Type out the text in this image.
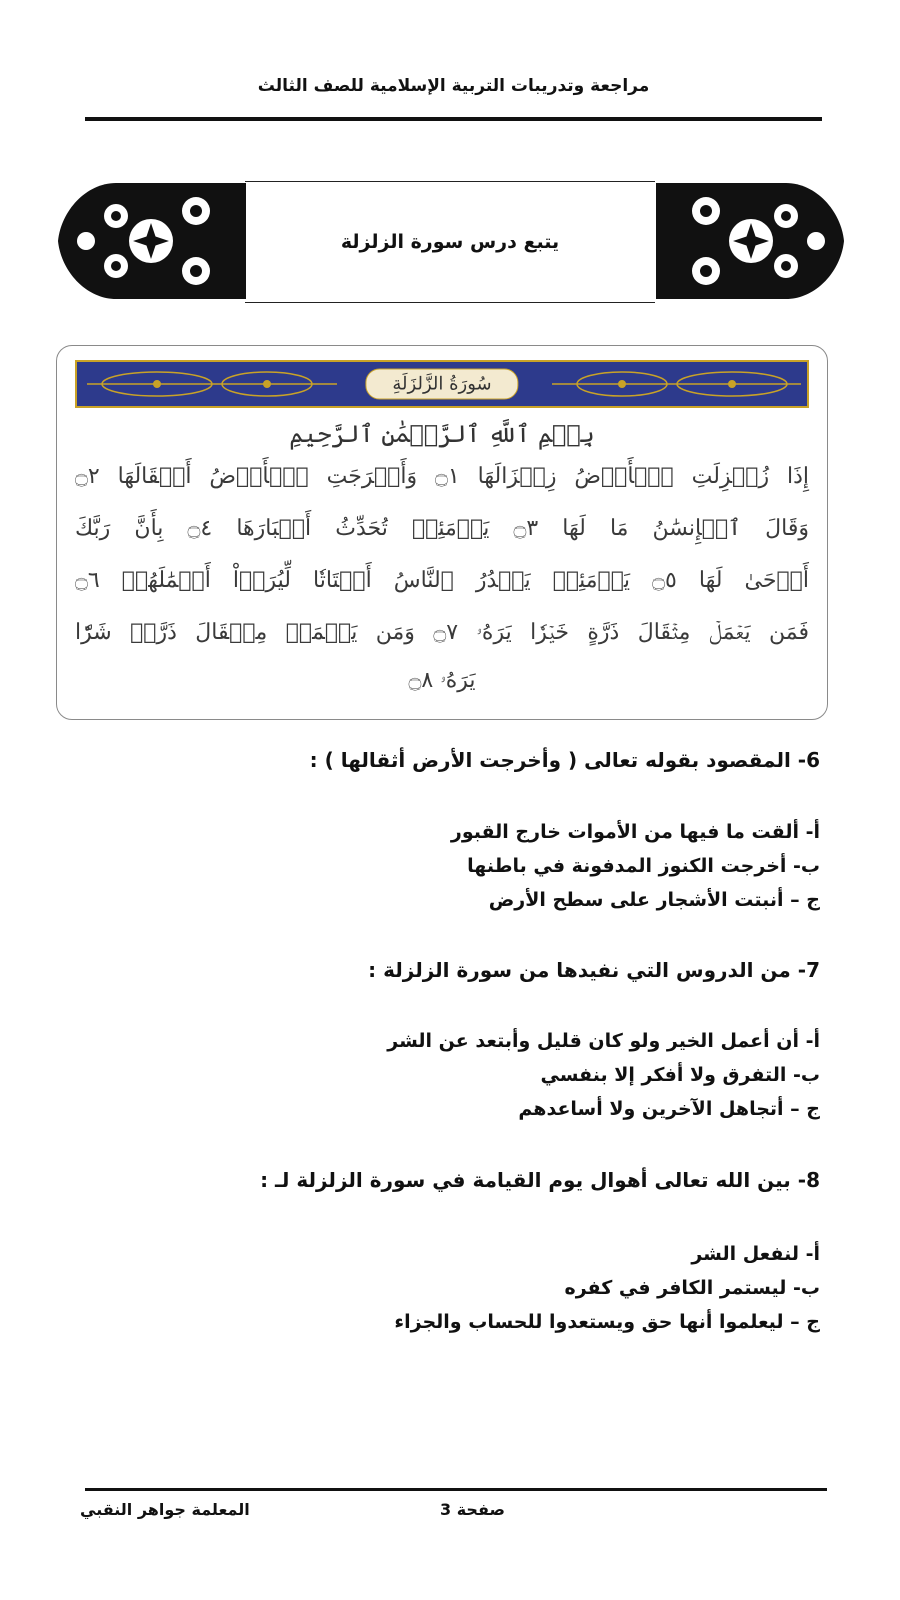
مراجعة وتدريبات التربية الإسلامية للصف الثالث
يتبع درس سورة الزلزلة
سُورَةُ الزَّلزَلَةِ
بِسۡمِ ٱللَّهِ ٱلرَّحۡمَٰنِ ٱلرَّحِيمِ
إِذَا زُلۡزِلَتِ ٱلۡأَرۡضُ زِلۡزَالَهَا ۝١ وَأَخۡرَجَتِ ٱلۡأَرۡضُ أَثۡقَالَهَا ۝٢
وَقَالَ ٱلۡإِنسَٰنُ مَا لَهَا ۝٣ يَوۡمَئِذٖ تُحَدِّثُ أَخۡبَارَهَا ۝٤ بِأَنَّ رَبَّكَ
أَوۡحَىٰ لَهَا ۝٥ يَوۡمَئِذٖ يَصۡدُرُ ٱلنَّاسُ أَشۡتَاتٗا لِّيُرَوۡاْ أَعۡمَٰلَهُمۡ ۝٦
فَمَن يَعۡمَلۡ مِثۡقَالَ ذَرَّةٍ خَيۡرٗا يَرَهُۥ ۝٧ وَمَن يَعۡمَلۡ مِثۡقَالَ ذَرَّةٖ شَرّٗا
يَرَهُۥ ۝٨
6- المقصود بقوله تعالى ( وأخرجت الأرض أثقالها ) :
أ- ألقت ما فيها من الأموات خارج القبور
ب- أخرجت الكنوز المدفونة في باطنها
ج – أنبتت الأشجار على سطح الأرض
7- من الدروس التي نفيدها من سورة الزلزلة :
أ- أن أعمل الخير ولو كان قليل وأبتعد عن الشر
ب- التفرق ولا أفكر إلا بنفسي
ج – أتجاهل الآخرين ولا أساعدهم
8- بين الله تعالى أهوال يوم القيامة في سورة الزلزلة لـ :
أ- لنفعل الشر
ب- ليستمر الكافر في كفره
ج – ليعلموا أنها حق ويستعدوا للحساب والجزاء
صفحة 3
المعلمة جواهر النقبي
